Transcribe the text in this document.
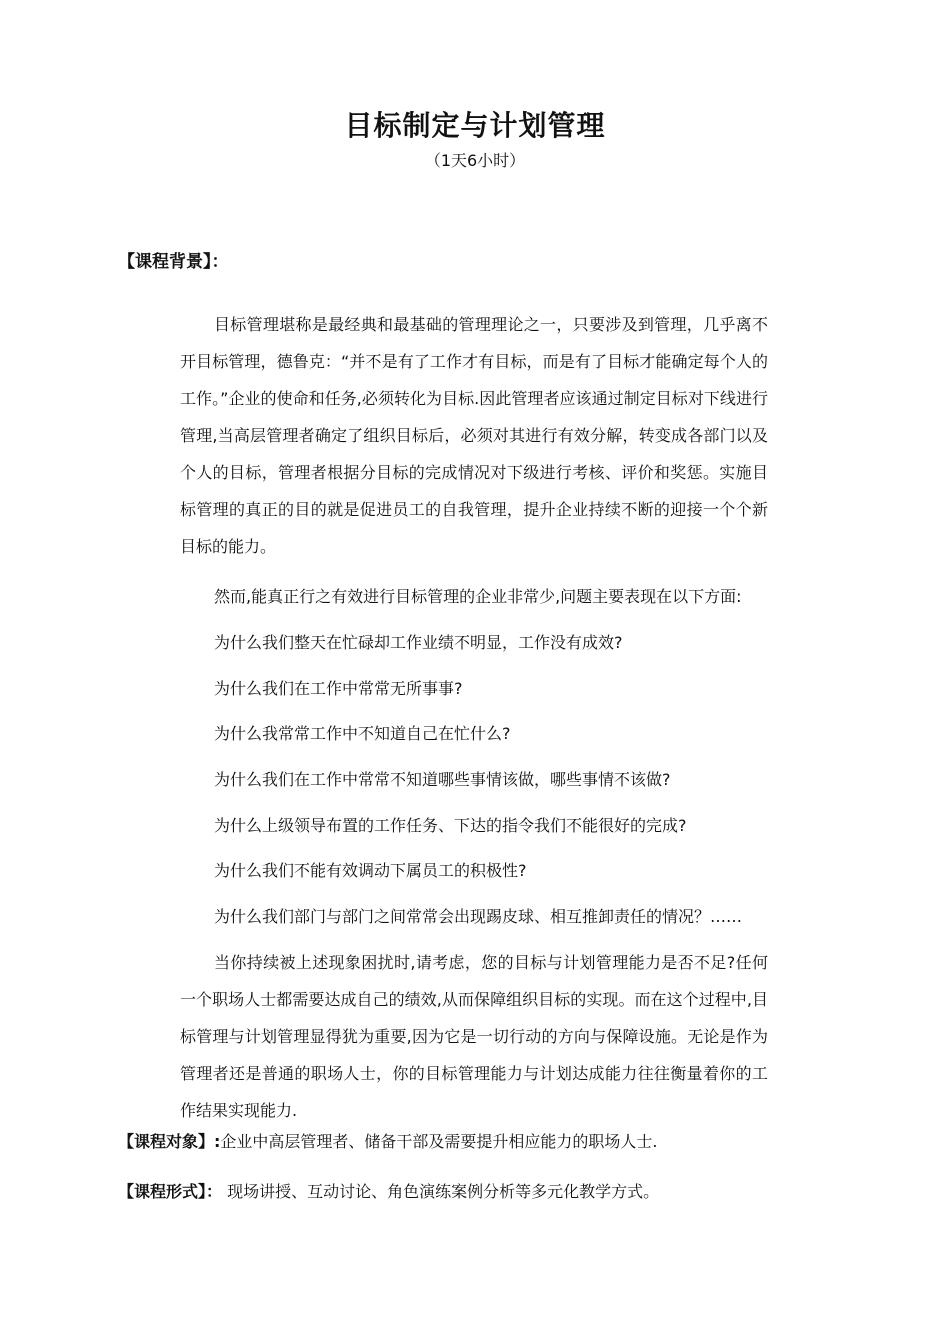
目标制定与计划管理
（1天6小时）
【课程背景】：

目标管理堪称是最经典和最基础的管理理论之一，只要涉及到管理，几乎离不开目标管理，德鲁克：“并不是有了工作才有目标，而是有了目标才能确定每个人的工作。”企业的使命和任务,必须转化为目标.因此管理者应该通过制定目标对下线进行管理,当高层管理者确定了组织目标后，必须对其进行有效分解，转变成各部门以及个人的目标，管理者根据分目标的完成情况对下级进行考核、评价和奖惩。实施目标管理的真正的目的就是促进员工的自我管理，提升企业持续不断的迎接一个个新目标的能力。

然而,能真正行之有效进行目标管理的企业非常少,问题主要表现在以下方面:
为什么我们整天在忙碌却工作业绩不明显，工作没有成效?
为什么我们在工作中常常无所事事?
为什么我常常工作中不知道自己在忙什么?
为什么我们在工作中常常不知道哪些事情该做，哪些事情不该做?
为什么上级领导布置的工作任务、下达的指令我们不能很好的完成?
为什么我们不能有效调动下属员工的积极性?
为什么我们部门与部门之间常常会出现踢皮球、相互推卸责任的情况？……

当你持续被上述现象困扰时,请考虑，您的目标与计划管理能力是否不足?任何一个职场人士都需要达成自己的绩效,从而保障组织目标的实现。而在这个过程中,目标管理与计划管理显得犹为重要,因为它是一切行动的方向与保障设施。无论是作为管理者还是普通的职场人士，你的目标管理能力与计划达成能力往往衡量着你的工作结果实现能力.

【课程对象】:企业中高层管理者、储备干部及需要提升相应能力的职场人士.
【课程形式】： 现场讲授、互动讨论、角色演练案例分析等多元化教学方式。
